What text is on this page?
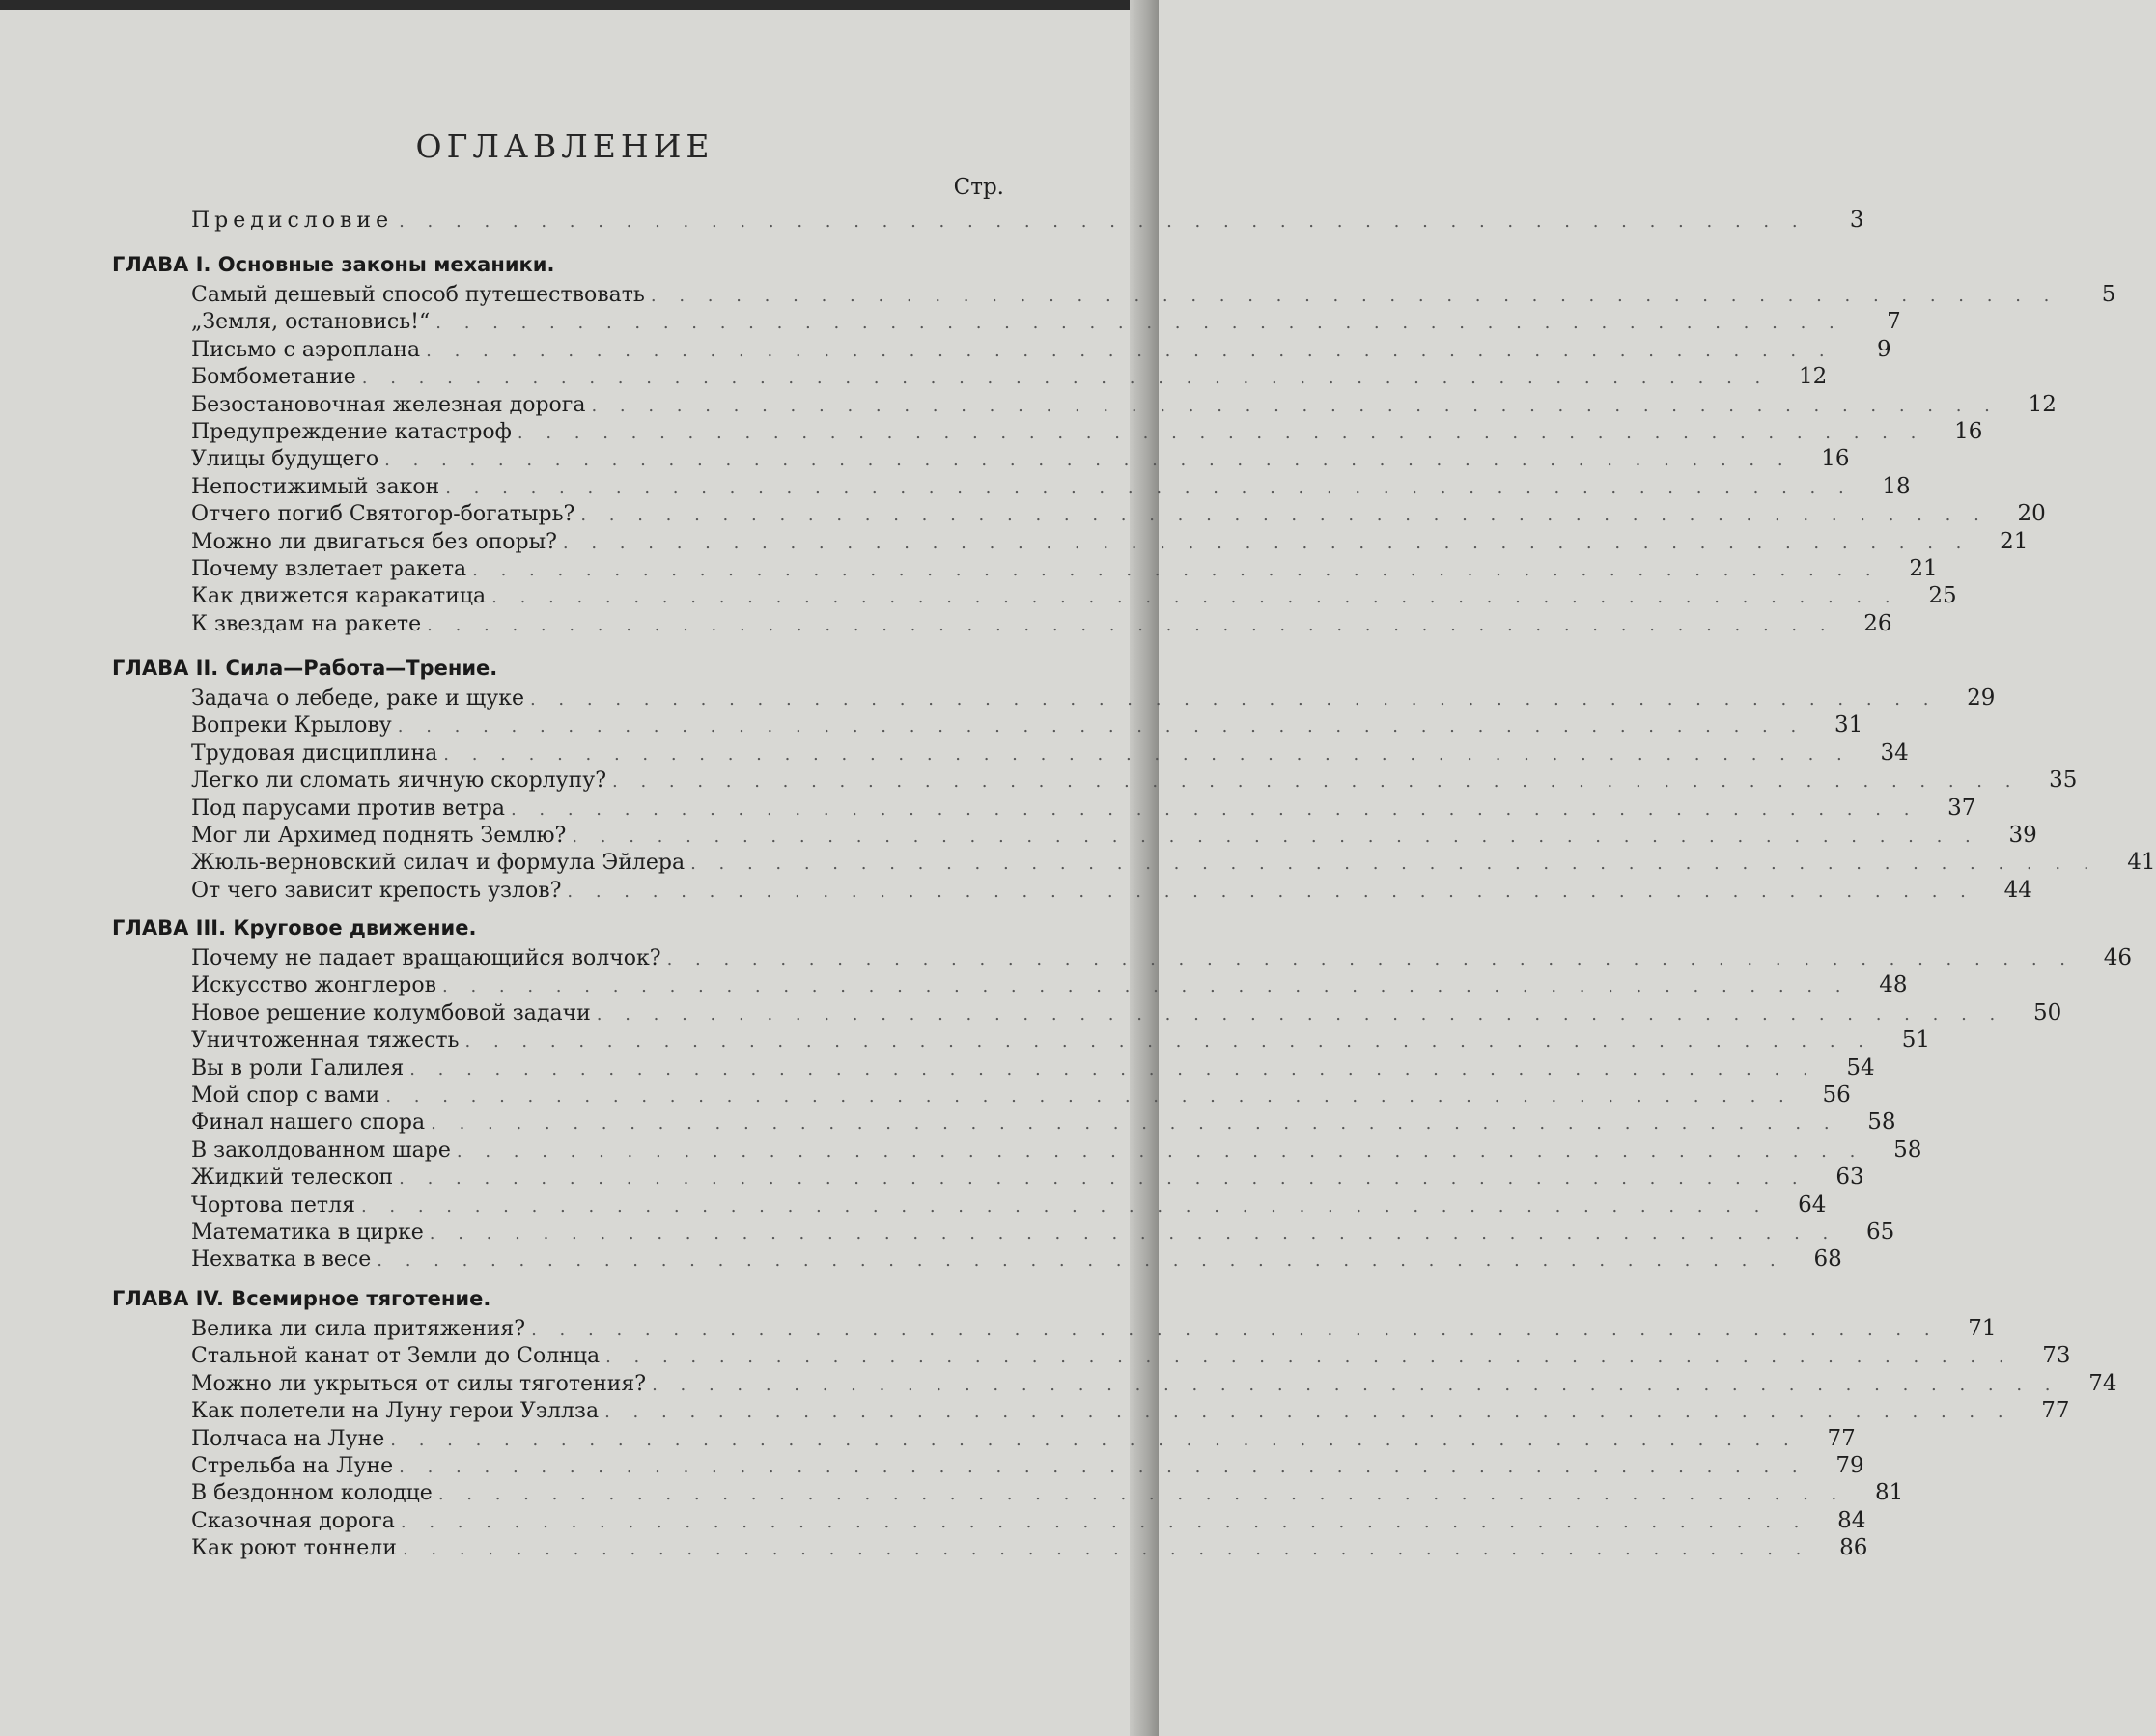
ОГЛАВЛЕНИЕ
Стр.
Предисловие . . . . . . . . . . . . . . . . . . . . . . . . . . . . . . . . . . . . . . . . . . . . . . . . . .	3
ГЛАВА I. Основные законы механики.
Самый дешевый способ путешествовать . . . . . . . . . . . . . . . . . . . . . . . . . . . . . . . . . . . . . . . . . . . . . . . . . .	5
„Земля, остановись!“ . . . . . . . . . . . . . . . . . . . . . . . . . . . . . . . . . . . . . . . . . . . . . . . . . .	7
Письмо с аэроплана . . . . . . . . . . . . . . . . . . . . . . . . . . . . . . . . . . . . . . . . . . . . . . . . . .	9
Бомбометание . . . . . . . . . . . . . . . . . . . . . . . . . . . . . . . . . . . . . . . . . . . . . . . . . .	12
Безостановочная железная дорога . . . . . . . . . . . . . . . . . . . . . . . . . . . . . . . . . . . . . . . . . . . . . . . . . .	12
Предупреждение катастроф . . . . . . . . . . . . . . . . . . . . . . . . . . . . . . . . . . . . . . . . . . . . . . . . . .	16
Улицы будущего . . . . . . . . . . . . . . . . . . . . . . . . . . . . . . . . . . . . . . . . . . . . . . . . . .	16
Непостижимый закон . . . . . . . . . . . . . . . . . . . . . . . . . . . . . . . . . . . . . . . . . . . . . . . . . .	18
Отчего погиб Святогор-богатырь? . . . . . . . . . . . . . . . . . . . . . . . . . . . . . . . . . . . . . . . . . . . . . . . . . .	20
Можно ли двигаться без опоры? . . . . . . . . . . . . . . . . . . . . . . . . . . . . . . . . . . . . . . . . . . . . . . . . . .	21
Почему взлетает ракета . . . . . . . . . . . . . . . . . . . . . . . . . . . . . . . . . . . . . . . . . . . . . . . . . .	21
Как движется каракатица . . . . . . . . . . . . . . . . . . . . . . . . . . . . . . . . . . . . . . . . . . . . . . . . . .	25
К звездам на ракете . . . . . . . . . . . . . . . . . . . . . . . . . . . . . . . . . . . . . . . . . . . . . . . . . .	26
ГЛАВА II. Сила—Работа—Трение.
Задача о лебеде, раке и щуке . . . . . . . . . . . . . . . . . . . . . . . . . . . . . . . . . . . . . . . . . . . . . . . . . .	29
Вопреки Крылову . . . . . . . . . . . . . . . . . . . . . . . . . . . . . . . . . . . . . . . . . . . . . . . . . .	31
Трудовая дисциплина . . . . . . . . . . . . . . . . . . . . . . . . . . . . . . . . . . . . . . . . . . . . . . . . . .	34
Легко ли сломать яичную скорлупу? . . . . . . . . . . . . . . . . . . . . . . . . . . . . . . . . . . . . . . . . . . . . . . . . . .	35
Под парусами против ветра . . . . . . . . . . . . . . . . . . . . . . . . . . . . . . . . . . . . . . . . . . . . . . . . . .	37
Мог ли Архимед поднять Землю? . . . . . . . . . . . . . . . . . . . . . . . . . . . . . . . . . . . . . . . . . . . . . . . . . .	39
Жюль-верновский силач и формула Эйлера . . . . . . . . . . . . . . . . . . . . . . . . . . . . . . . . . . . . . . . . . . . . . . . . . .	41
От чего зависит крепость узлов? . . . . . . . . . . . . . . . . . . . . . . . . . . . . . . . . . . . . . . . . . . . . . . . . . .	44
ГЛАВА III. Круговое движение.
Почему не падает вращающийся волчок? . . . . . . . . . . . . . . . . . . . . . . . . . . . . . . . . . . . . . . . . . . . . . . . . . .	46
Искусство жонглеров . . . . . . . . . . . . . . . . . . . . . . . . . . . . . . . . . . . . . . . . . . . . . . . . . .	48
Новое решение колумбовой задачи . . . . . . . . . . . . . . . . . . . . . . . . . . . . . . . . . . . . . . . . . . . . . . . . . .	50
Уничтоженная тяжесть . . . . . . . . . . . . . . . . . . . . . . . . . . . . . . . . . . . . . . . . . . . . . . . . . .	51
Вы в роли Галилея . . . . . . . . . . . . . . . . . . . . . . . . . . . . . . . . . . . . . . . . . . . . . . . . . .	54
Мой спор с вами . . . . . . . . . . . . . . . . . . . . . . . . . . . . . . . . . . . . . . . . . . . . . . . . . .	56
Финал нашего спора . . . . . . . . . . . . . . . . . . . . . . . . . . . . . . . . . . . . . . . . . . . . . . . . . .	58
В заколдованном шаре . . . . . . . . . . . . . . . . . . . . . . . . . . . . . . . . . . . . . . . . . . . . . . . . . .	58
Жидкий телескоп . . . . . . . . . . . . . . . . . . . . . . . . . . . . . . . . . . . . . . . . . . . . . . . . . .	63
Чортова петля . . . . . . . . . . . . . . . . . . . . . . . . . . . . . . . . . . . . . . . . . . . . . . . . . .	64
Математика в цирке . . . . . . . . . . . . . . . . . . . . . . . . . . . . . . . . . . . . . . . . . . . . . . . . . .	65
Нехватка в весе . . . . . . . . . . . . . . . . . . . . . . . . . . . . . . . . . . . . . . . . . . . . . . . . . .	68
ГЛАВА IV. Всемирное тяготение.
Велика ли сила притяжения? . . . . . . . . . . . . . . . . . . . . . . . . . . . . . . . . . . . . . . . . . . . . . . . . . .	71
Стальной канат от Земли до Солнца . . . . . . . . . . . . . . . . . . . . . . . . . . . . . . . . . . . . . . . . . . . . . . . . . .	73
Можно ли укрыться от силы тяготения? . . . . . . . . . . . . . . . . . . . . . . . . . . . . . . . . . . . . . . . . . . . . . . . . . .	74
Как полетели на Луну герои Уэллза . . . . . . . . . . . . . . . . . . . . . . . . . . . . . . . . . . . . . . . . . . . . . . . . . .	77
Полчаса на Луне . . . . . . . . . . . . . . . . . . . . . . . . . . . . . . . . . . . . . . . . . . . . . . . . . .	77
Стрельба на Луне . . . . . . . . . . . . . . . . . . . . . . . . . . . . . . . . . . . . . . . . . . . . . . . . . .	79
В бездонном колодце . . . . . . . . . . . . . . . . . . . . . . . . . . . . . . . . . . . . . . . . . . . . . . . . . .	81
Сказочная дорога . . . . . . . . . . . . . . . . . . . . . . . . . . . . . . . . . . . . . . . . . . . . . . . . . .	84
Как роют тоннели . . . . . . . . . . . . . . . . . . . . . . . . . . . . . . . . . . . . . . . . . . . . . . . . . .	86
